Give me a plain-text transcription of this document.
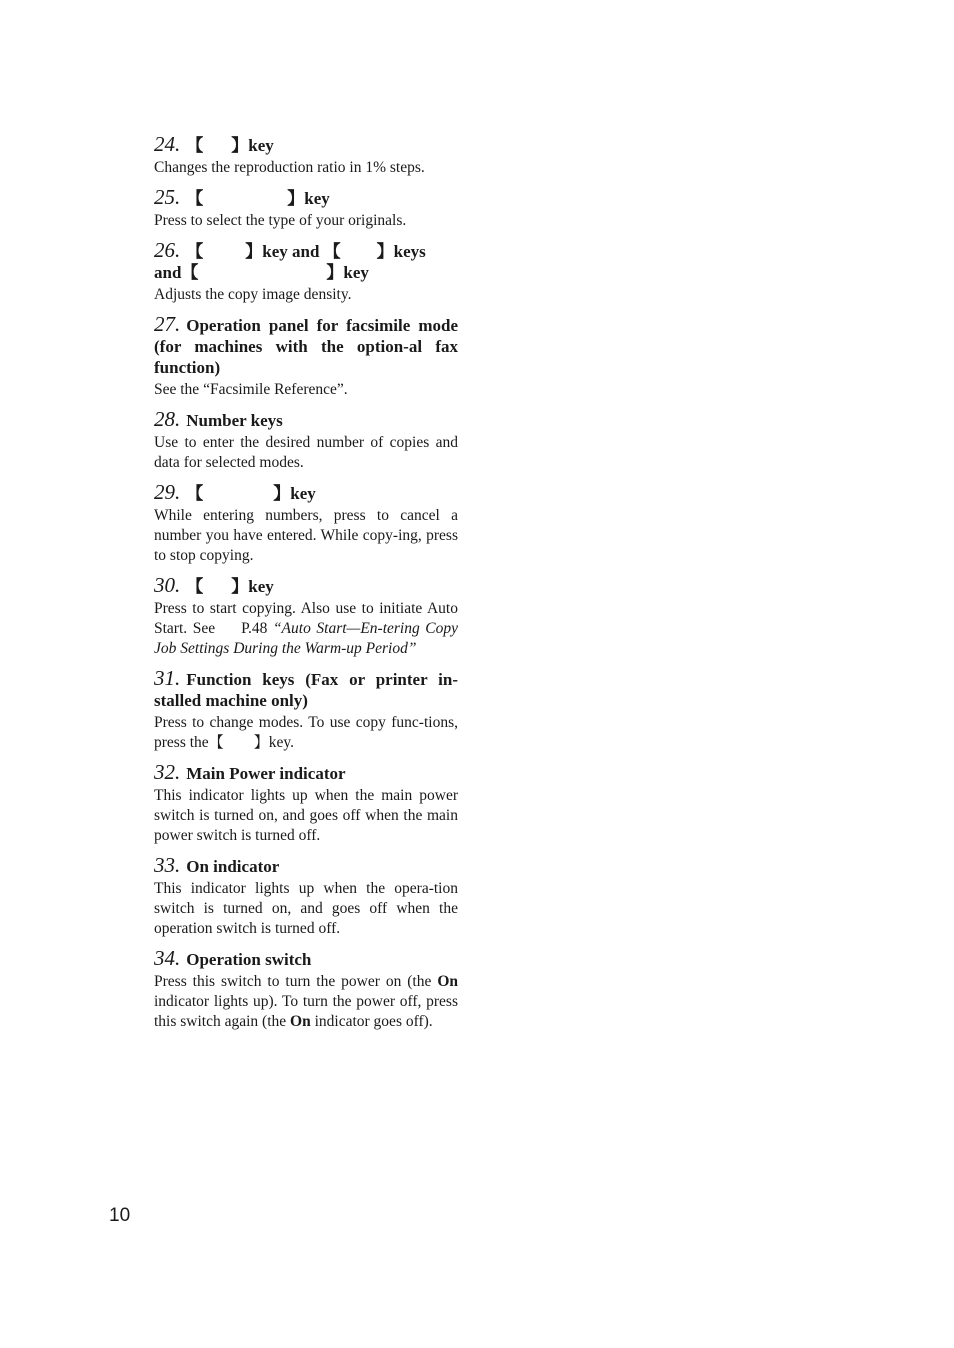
24. 【 】key
Changes the reproduction ratio in 1% steps.
25. 【	】key
Press to select the type of your originals.
26. 【 】key and 【 】keys
and【	】key
Adjusts the copy image density.
27. Operation panel for facsimile mode (for machines with the option-al fax function)
See the “Facsimile Reference”.
28. Number keys
Use to enter the desired number of copies and data for selected modes.
29. 【	】key
While entering numbers, press to cancel a number you have entered. While copy-ing, press to stop copying.
30. 【 】key
Press to start copying. Also use to initiate Auto Start. See P.48 “Auto Start—En-tering Copy Job Settings During the Warm-up Period”
31. Function keys (Fax or printer in-stalled machine only)
Press to change modes. To use copy func-tions, press the【 】key.
32. Main Power indicator
This indicator lights up when the main power switch is turned on, and goes off when the main power switch is turned off.
33. On indicator
This indicator lights up when the opera-tion switch is turned on, and goes off when the operation switch is turned off.
34. Operation switch
Press this switch to turn the power on (the On indicator lights up). To turn the power off, press this switch again (the On indicator goes off).
10
